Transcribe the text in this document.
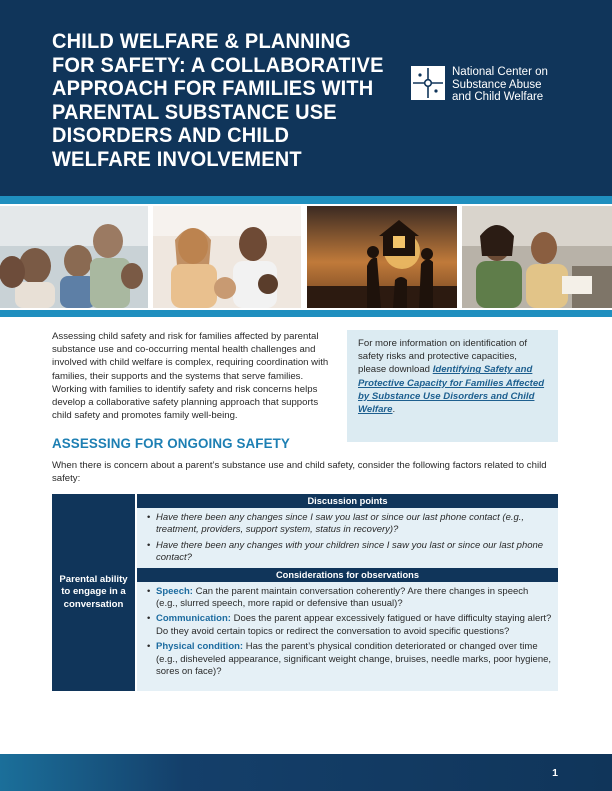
CHILD WELFARE & PLANNING FOR SAFETY: A COLLABORATIVE APPROACH FOR FAMILIES WITH PARENTAL SUBSTANCE USE DISORDERS AND CHILD WELFARE INVOLVEMENT
National Center on
Substance Abuse
and Child Welfare

Assessing child safety and risk for families affected by parental substance use and co-occurring mental health challenges and involved with child welfare is complex, requiring coordination with families, their supports and the systems that serve families. Working with families to identify safety and risk concerns helps develop a collaborative safety planning approach that supports child safety and promotes family well-being.

For more information on identification of safety risks and protective capacities, please download Identifying Safety and Protective Capacity for Families Affected by Substance Use Disorders and Child Welfare.
ASSESSING FOR ONGOING SAFETY

When there is concern about a parent’s substance use and child safety, consider the following factors related to child safety:

Parental ability to engage in a conversation
Discussion points
• Have there been any changes since I saw you last or since our last phone contact (e.g., treatment, providers, support system, status in recovery)?
• Have there been any changes with your children since I saw you last or since our last phone contact?
Considerations for observations
• Speech: Can the parent maintain conversation coherently? Are there changes in speech (e.g., slurred speech, more rapid or defensive than usual)?
• Communication: Does the parent appear excessively fatigued or have difficulty staying alert? Do they avoid certain topics or redirect the conversation to avoid specific questions?
• Physical condition: Has the parent’s physical condition deteriorated or changed over time (e.g., disheveled appearance, significant weight change, bruises, needle marks, poor hygiene, sores on face)?
1
